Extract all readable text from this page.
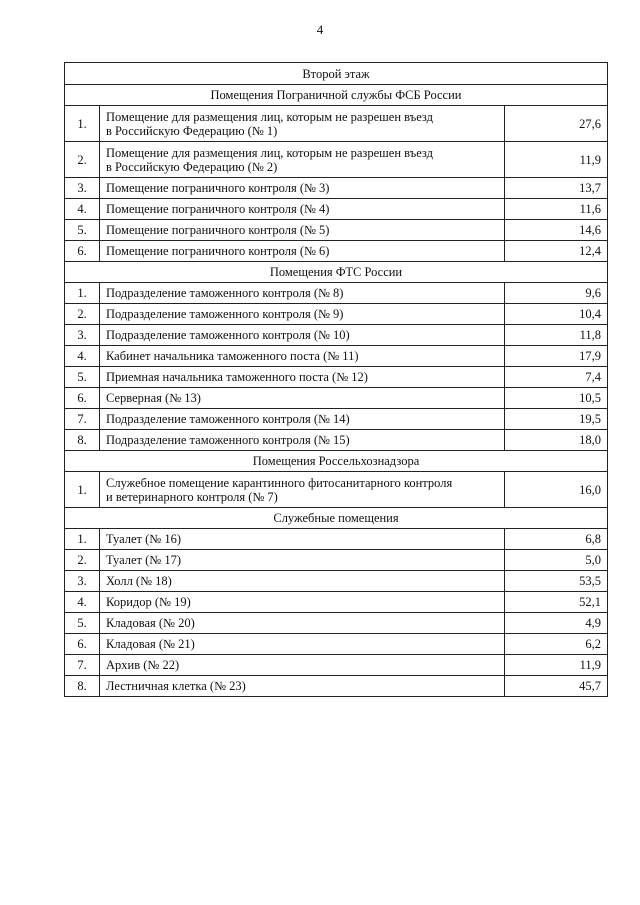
4
Второй этаж		
Помещения Пограничной службы ФСБ России		
1.	Помещение для размещения лиц, которым не разрешен въезд
в Российскую Федерацию (№ 1)	27,6
2.	Помещение для размещения лиц, которым не разрешен въезд
в Российскую Федерацию (№ 2)	11,9
3.	Помещение пограничного контроля (№ 3)	13,7
4.	Помещение пограничного контроля (№ 4)	11,6
5.	Помещение пограничного контроля (№ 5)	14,6
6.	Помещение пограничного контроля (№ 6)	12,4
Помещения ФТС России		
1.	Подразделение таможенного контроля (№ 8)	9,6
2.	Подразделение таможенного контроля (№ 9)	10,4
3.	Подразделение таможенного контроля (№ 10)	11,8
4.	Кабинет начальника таможенного поста (№ 11)	17,9
5.	Приемная начальника таможенного поста (№ 12)	7,4
6.	Серверная (№ 13)	10,5
7.	Подразделение таможенного контроля (№ 14)	19,5
8.	Подразделение таможенного контроля (№ 15)	18,0
Помещения Россельхознадзора		
1.	Служебное помещение карантинного фитосанитарного контроля
и ветеринарного контроля (№ 7)	16,0
Служебные помещения		
1.	Туалет (№ 16)	6,8
2.	Туалет (№ 17)	5,0
3.	Холл (№ 18)	53,5
4.	Коридор (№ 19)	52,1
5.	Кладовая (№ 20)	4,9
6.	Кладовая (№ 21)	6,2
7.	Архив (№ 22)	11,9
8.	Лестничная клетка (№ 23)	45,7
